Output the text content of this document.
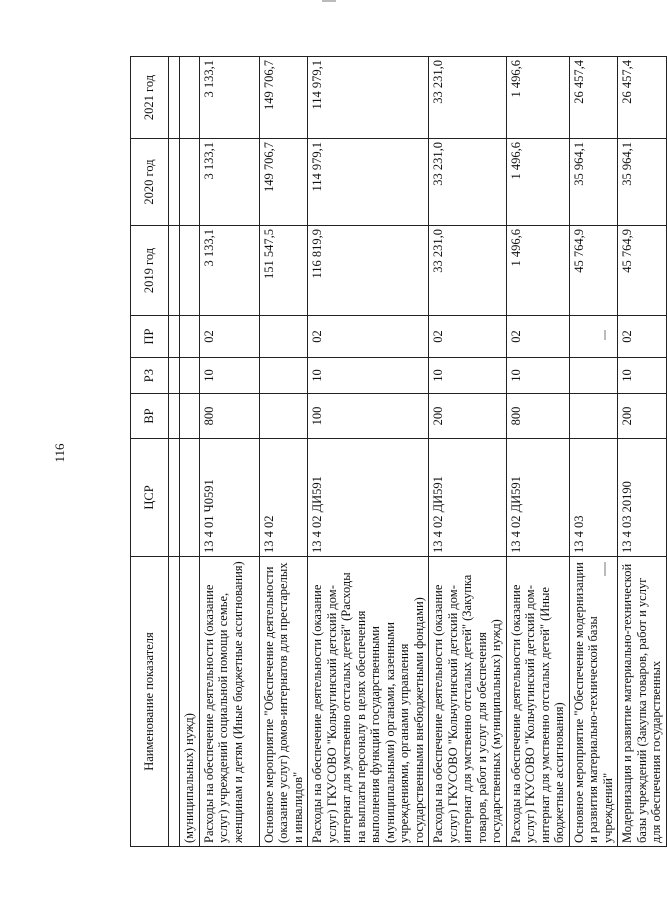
116
Наименование показателя	ЦСР	ВР	РЗ	ПР	2019 год	2020 год	2021 год

(муниципальных) нужд)							
Расходы на обеспечение деятельности (оказание услуг) учреждений социальной помощи семье, женщинам и детям (Иные бюджетные ассигнования)	13 4 01 Ч0591	800	10	02	3 133,1	3 133,1	3 133,1
Основное мероприятие "Обеспечение деятельности (оказание услуг) домов-интернатов для престарелых и инвалидов"	13 4 02				151 547,5	149 706,7	149 706,7
Расходы на обеспечение деятельности (оказание услуг) ГКУСОВО "Кольчугинский детский дом-интернат для умственно отсталых детей" (Расходы на выплаты персоналу в целях обеспечения выполнения функций государственными (муниципальными) органами, казенными учреждениями, органами управления государственными внебюджетными фондами)	13 4 02 ДИ591	100	10	02	116 819,9	114 979,1	114 979,1
Расходы на обеспечение деятельности (оказание услуг) ГКУСОВО "Кольчугинский детский дом-интернат для умственно отсталых детей" (Закупка товаров, работ и услуг для обеспечения государственных (муниципальных) нужд)	13 4 02 ДИ591	200	10	02	33 231,0	33 231,0	33 231,0
Расходы на обеспечение деятельности (оказание услуг) ГКУСОВО "Кольчугинский детский дом-интернат для умственно отсталых детей" (Иные бюджетные ассигнования)	13 4 02 ДИ591	800	10	02	1 496,6	1 496,6	1 496,6
Основное мероприятие "Обеспечение модернизации и развития материально-технической базы учреждений"	13 4 03				45 764,9	35 964,1	26 457,4
Модернизация и развитие материально-технической базы учреждений (Закупка товаров, работ и услуг для обеспечения государственных	13 4 03 20190	200	10	02	45 764,9	35 964,1	26 457,4
